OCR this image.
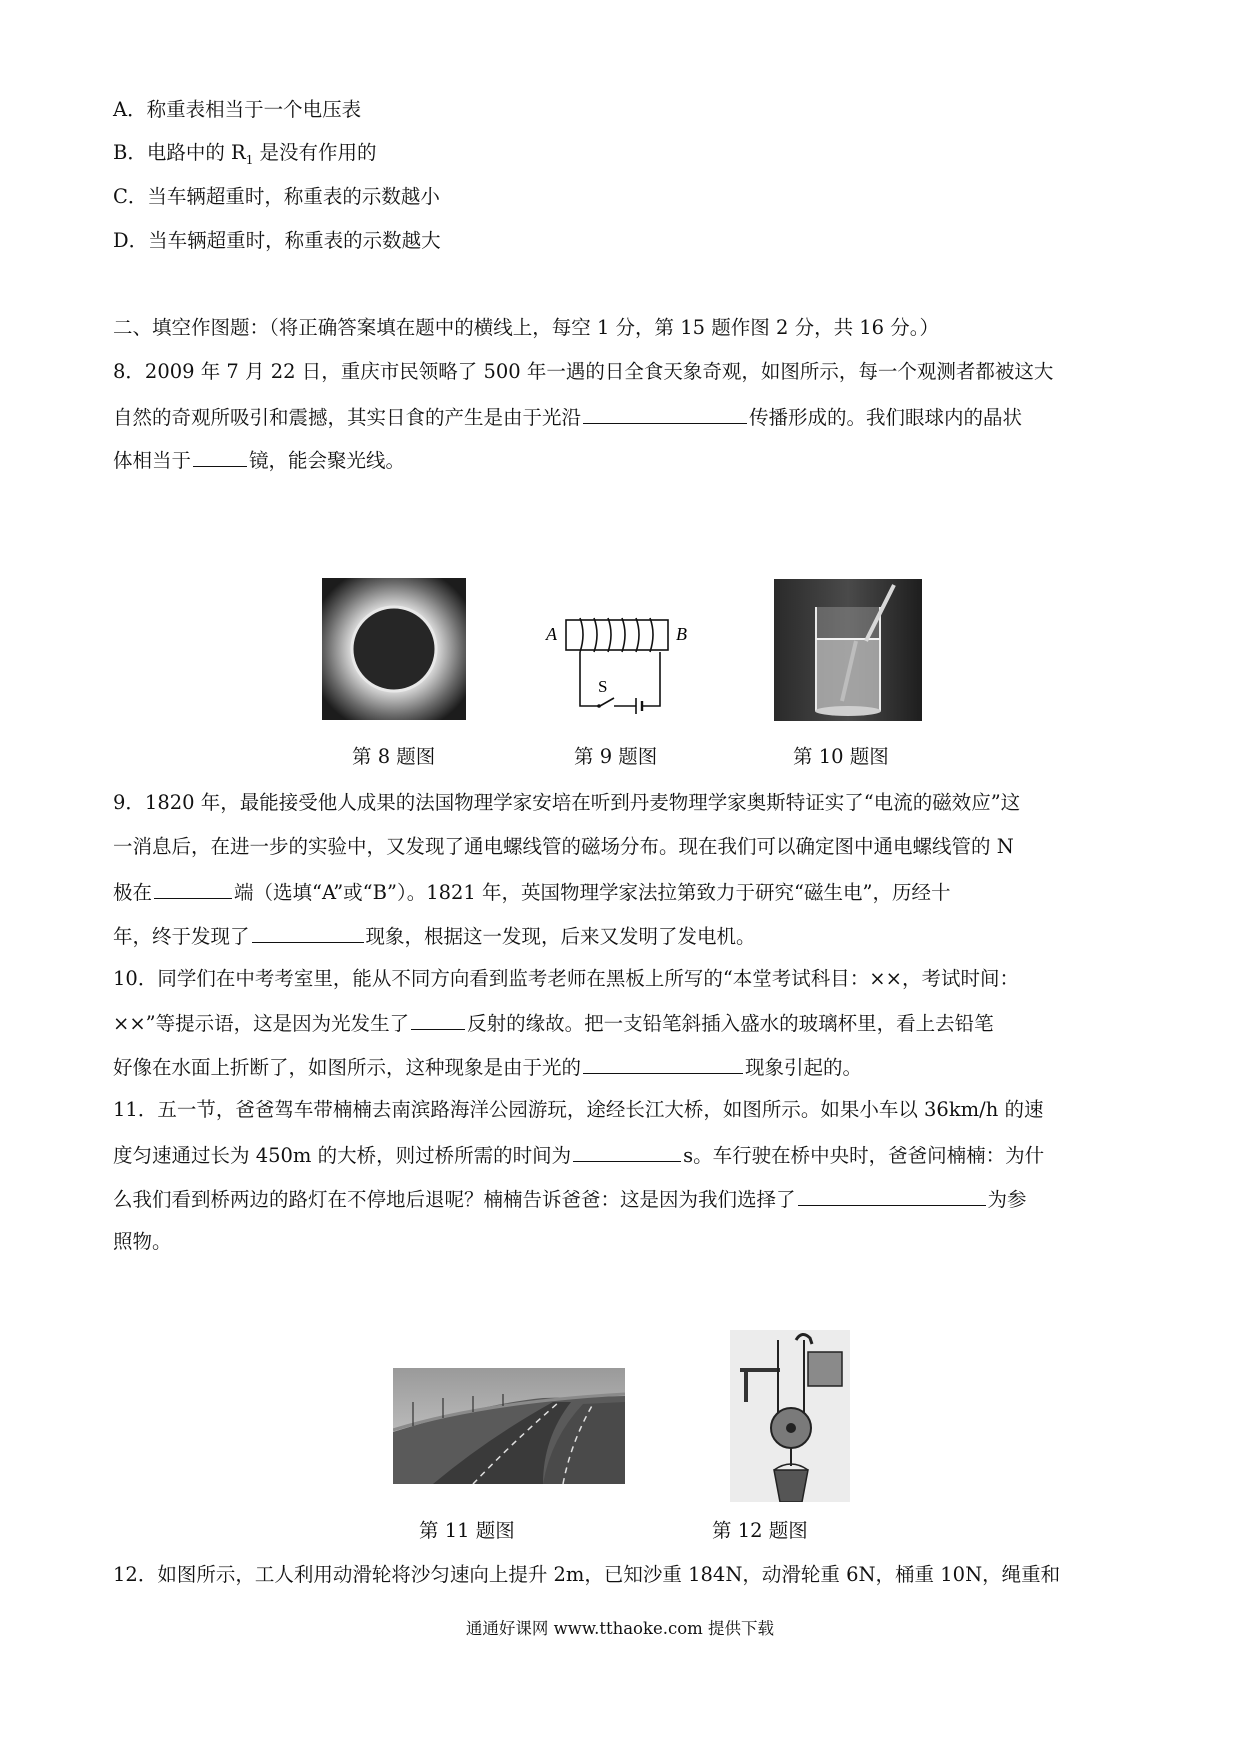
A．称重表相当于一个电压表
B．电路中的 $R_1$ 是没有作用的
C．当车辆超重时，称重表的示数越小
D．当车辆超重时，称重表的示数越大
二、填空作图题：（将正确答案填在题中的横线上，每空 1 分，第 15 题作图 2 分，共 16 分。）
8．2009 年 7 月 22 日，重庆市民领略了 500 年一遇的日全食天象奇观，如图所示，每一个观测者都被这大
自然的奇观所吸引和震撼，其实日食的产生是由于光沿	传播形成的。我们眼球内的晶状
体相当于	镜，能会聚光线。
A	B
S
第 8 题图	第 9 题图	第 10 题图
9．1820 年，最能接受他人成果的法国物理学家安培在听到丹麦物理学家奥斯特证实了“电流的磁效应”这
一消息后，在进一步的实验中，又发现了通电螺线管的磁场分布。现在我们可以确定图中通电螺线管的 N
极在	端（选填“A”或“B”）。1821 年，英国物理学家法拉第致力于研究“磁生电”，历经十
年，终于发现了	现象，根据这一发现，后来又发明了发电机。
10．同学们在中考考室里，能从不同方向看到监考老师在黑板上所写的“本堂考试科目：××，考试时间：
××”等提示语，这是因为光发生了	反射的缘故。把一支铅笔斜插入盛水的玻璃杯里，看上去铅笔
好像在水面上折断了，如图所示，这种现象是由于光的	现象引起的。
11．五一节，爸爸驾车带楠楠去南滨路海洋公园游玩，途经长江大桥，如图所示。如果小车以 36km/h 的速
度匀速通过长为 450m 的大桥，则过桥所需的时间为	s。车行驶在桥中央时，爸爸问楠楠：为什
么我们看到桥两边的路灯在不停地后退呢？楠楠告诉爸爸：这是因为我们选择了	为参
照物。
第 11 题图	第 12 题图
12．如图所示，工人利用动滑轮将沙匀速向上提升 2m，已知沙重 184N，动滑轮重 6N，桶重 10N，绳重和
通通好课网 www.tthaoke.com 提供下载
